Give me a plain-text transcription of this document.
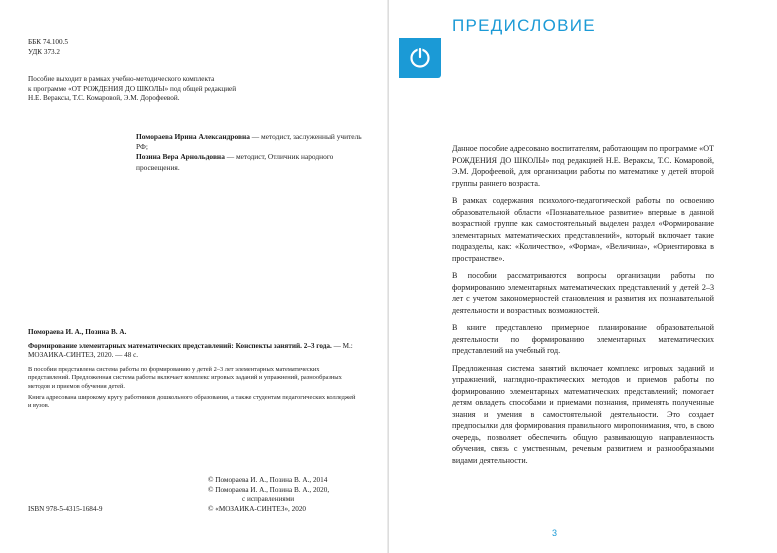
ББК 74.100.5
УДК 373.2
Пособие выходит в рамках учебно-методического комплекта
к программе «ОТ РОЖДЕНИЯ ДО ШКОЛЫ» под общей редакцией
Н.Е. Вераксы, Т.С. Комаровой, Э.М. Дорофеевой.

Помораева Ирина Александровна — методист, заслуженный учитель РФ;

Позина Вера Арнольдовна — методист, Отличник народного просвещения.

Помораева И. А., Позина В. А.
Формирование элементарных математических представлений: Конспекты занятий. 2–3 года. — М.: МОЗАИКА-СИНТЕЗ, 2020. — 48 с.
В пособии представлена система работы по формированию у детей 2–3 лет элементарных математических представлений. Предложенная система работы включает комплекс игровых заданий и упражнений, разнообразных методов и приемов обучения детей.
Книга адресована широкому кругу работников дошкольного образования, а также студентам педагогических колледжей и вузов.
© Помораева И. А., Позина В. А., 2014
© Помораева И. А., Позина В. А., 2020,
с исправлениями
© «МОЗАИКА-СИНТЕЗ», 2020
ISBN 978-5-4315-1684-9
ПРЕДИСЛОВИЕ

Данное пособие адресовано воспитателям, работающим по программе «ОТ РОЖДЕНИЯ ДО ШКОЛЫ» под редакцией Н.Е. Вераксы, Т.С. Комаровой, Э.М. Дорофеевой, для организации работы по математике у детей второй группы раннего возраста.

В рамках содержания психолого-педагогической работы по освоению образовательной области «Познавательное развитие» впервые в данной возрастной группе как самостоятельный выделен раздел «Формирование элементарных математических представлений», который включает такие подразделы, как: «Количество», «Форма», «Величина», «Ориентировка в пространстве».

В пособии рассматриваются вопросы организации работы по формированию элементарных математических представлений у детей 2–3 лет с учетом закономерностей становления и развития их познавательной деятельности и возрастных возможностей.

В книге представлено примерное планирование образовательной деятельности по формированию элементарных математических представлений на учебный год.

Предложенная система занятий включает комплекс игровых заданий и упражнений, наглядно-практических методов и приемов работы по формированию элементарных математических представлений; помогает детям овладеть способами и приемами познания, применять полученные знания и умения в самостоятельной деятельности. Это создает предпосылки для формирования правильного миропонимания, что, в свою очередь, позволяет обеспечить общую развивающую направленность обучения, связь с умственным, речевым развитием и разнообразными видами деятельности.

3
